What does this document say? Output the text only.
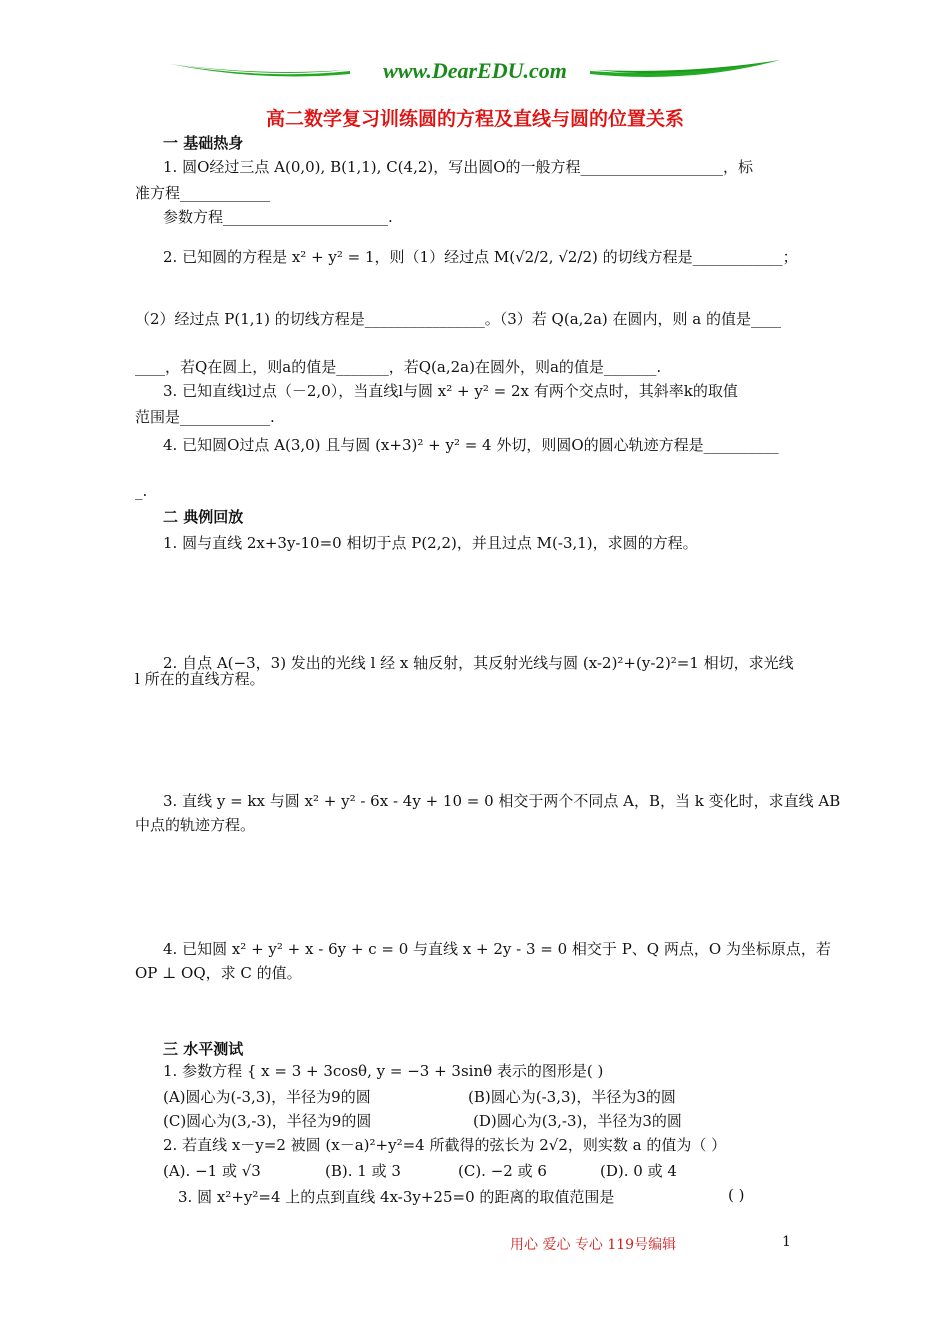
www.DearEDU.com
高二数学复习训练圆的方程及直线与圆的位置关系
一 基础热身
1. 圆O经过三点 A(0,0), B(1,1), C(4,2)，写出圆O的一般方程___________________，标
准方程____________
参数方程______________________.
2. 已知圆的方程是 x² + y² = 1，则（1）经过点 M(√2/2, √2/2) 的切线方程是____________；
（2）经过点 P(1,1) 的切线方程是________________。（3）若 Q(a,2a) 在圆内，则 a 的值是____
____，若Q在圆上，则a的值是_______，若Q(a,2a)在圆外，则a的值是_______.
3. 已知直线l过点（－2,0），当直线l与圆 x² + y² = 2x 有两个交点时，其斜率k的取值
范围是____________.
4. 已知圆O过点 A(3,0) 且与圆 (x+3)² + y² = 4 外切，则圆O的圆心轨迹方程是__________
_.
二 典例回放
1. 圆与直线 2x+3y-10=0 相切于点 P(2,2)，并且过点 M(-3,1)，求圆的方程。
2. 自点 A(−3，3) 发出的光线 l 经 x 轴反射，其反射光线与圆 (x-2)²+(y-2)²=1 相切，求光线
l 所在的直线方程。
3. 直线 y = kx 与圆 x² + y² - 6x - 4y + 10 = 0 相交于两个不同点 A，B，当 k 变化时，求直线 AB
中点的轨迹方程。
4. 已知圆 x² + y² + x - 6y + c = 0 与直线 x + 2y - 3 = 0 相交于 P、Q 两点，O 为坐标原点，若
OP ⊥ OQ，求 C 的值。
三 水平测试
1. 参数方程 { x = 3 + 3cosθ, y = −3 + 3sinθ 表示的图形是( )
(A)圆心为(-3,3)，半径为9的圆	(B)圆心为(-3,3)，半径为3的圆
(C)圆心为(3,-3)，半径为9的圆	(D)圆心为(3,-3)，半径为3的圆
2. 若直线 x－y=2 被圆 (x－a)²+y²=4 所截得的弦长为 2√2，则实数 a 的值为（ ）
(A). −1 或 √3	(B). 1 或 3	(C). −2 或 6	(D). 0 或 4
3. 圆 x²+y²=4 上的点到直线 4x-3y+25=0 的距离的取值范围是	( )
用心 爱心 专心 119号编辑	1
